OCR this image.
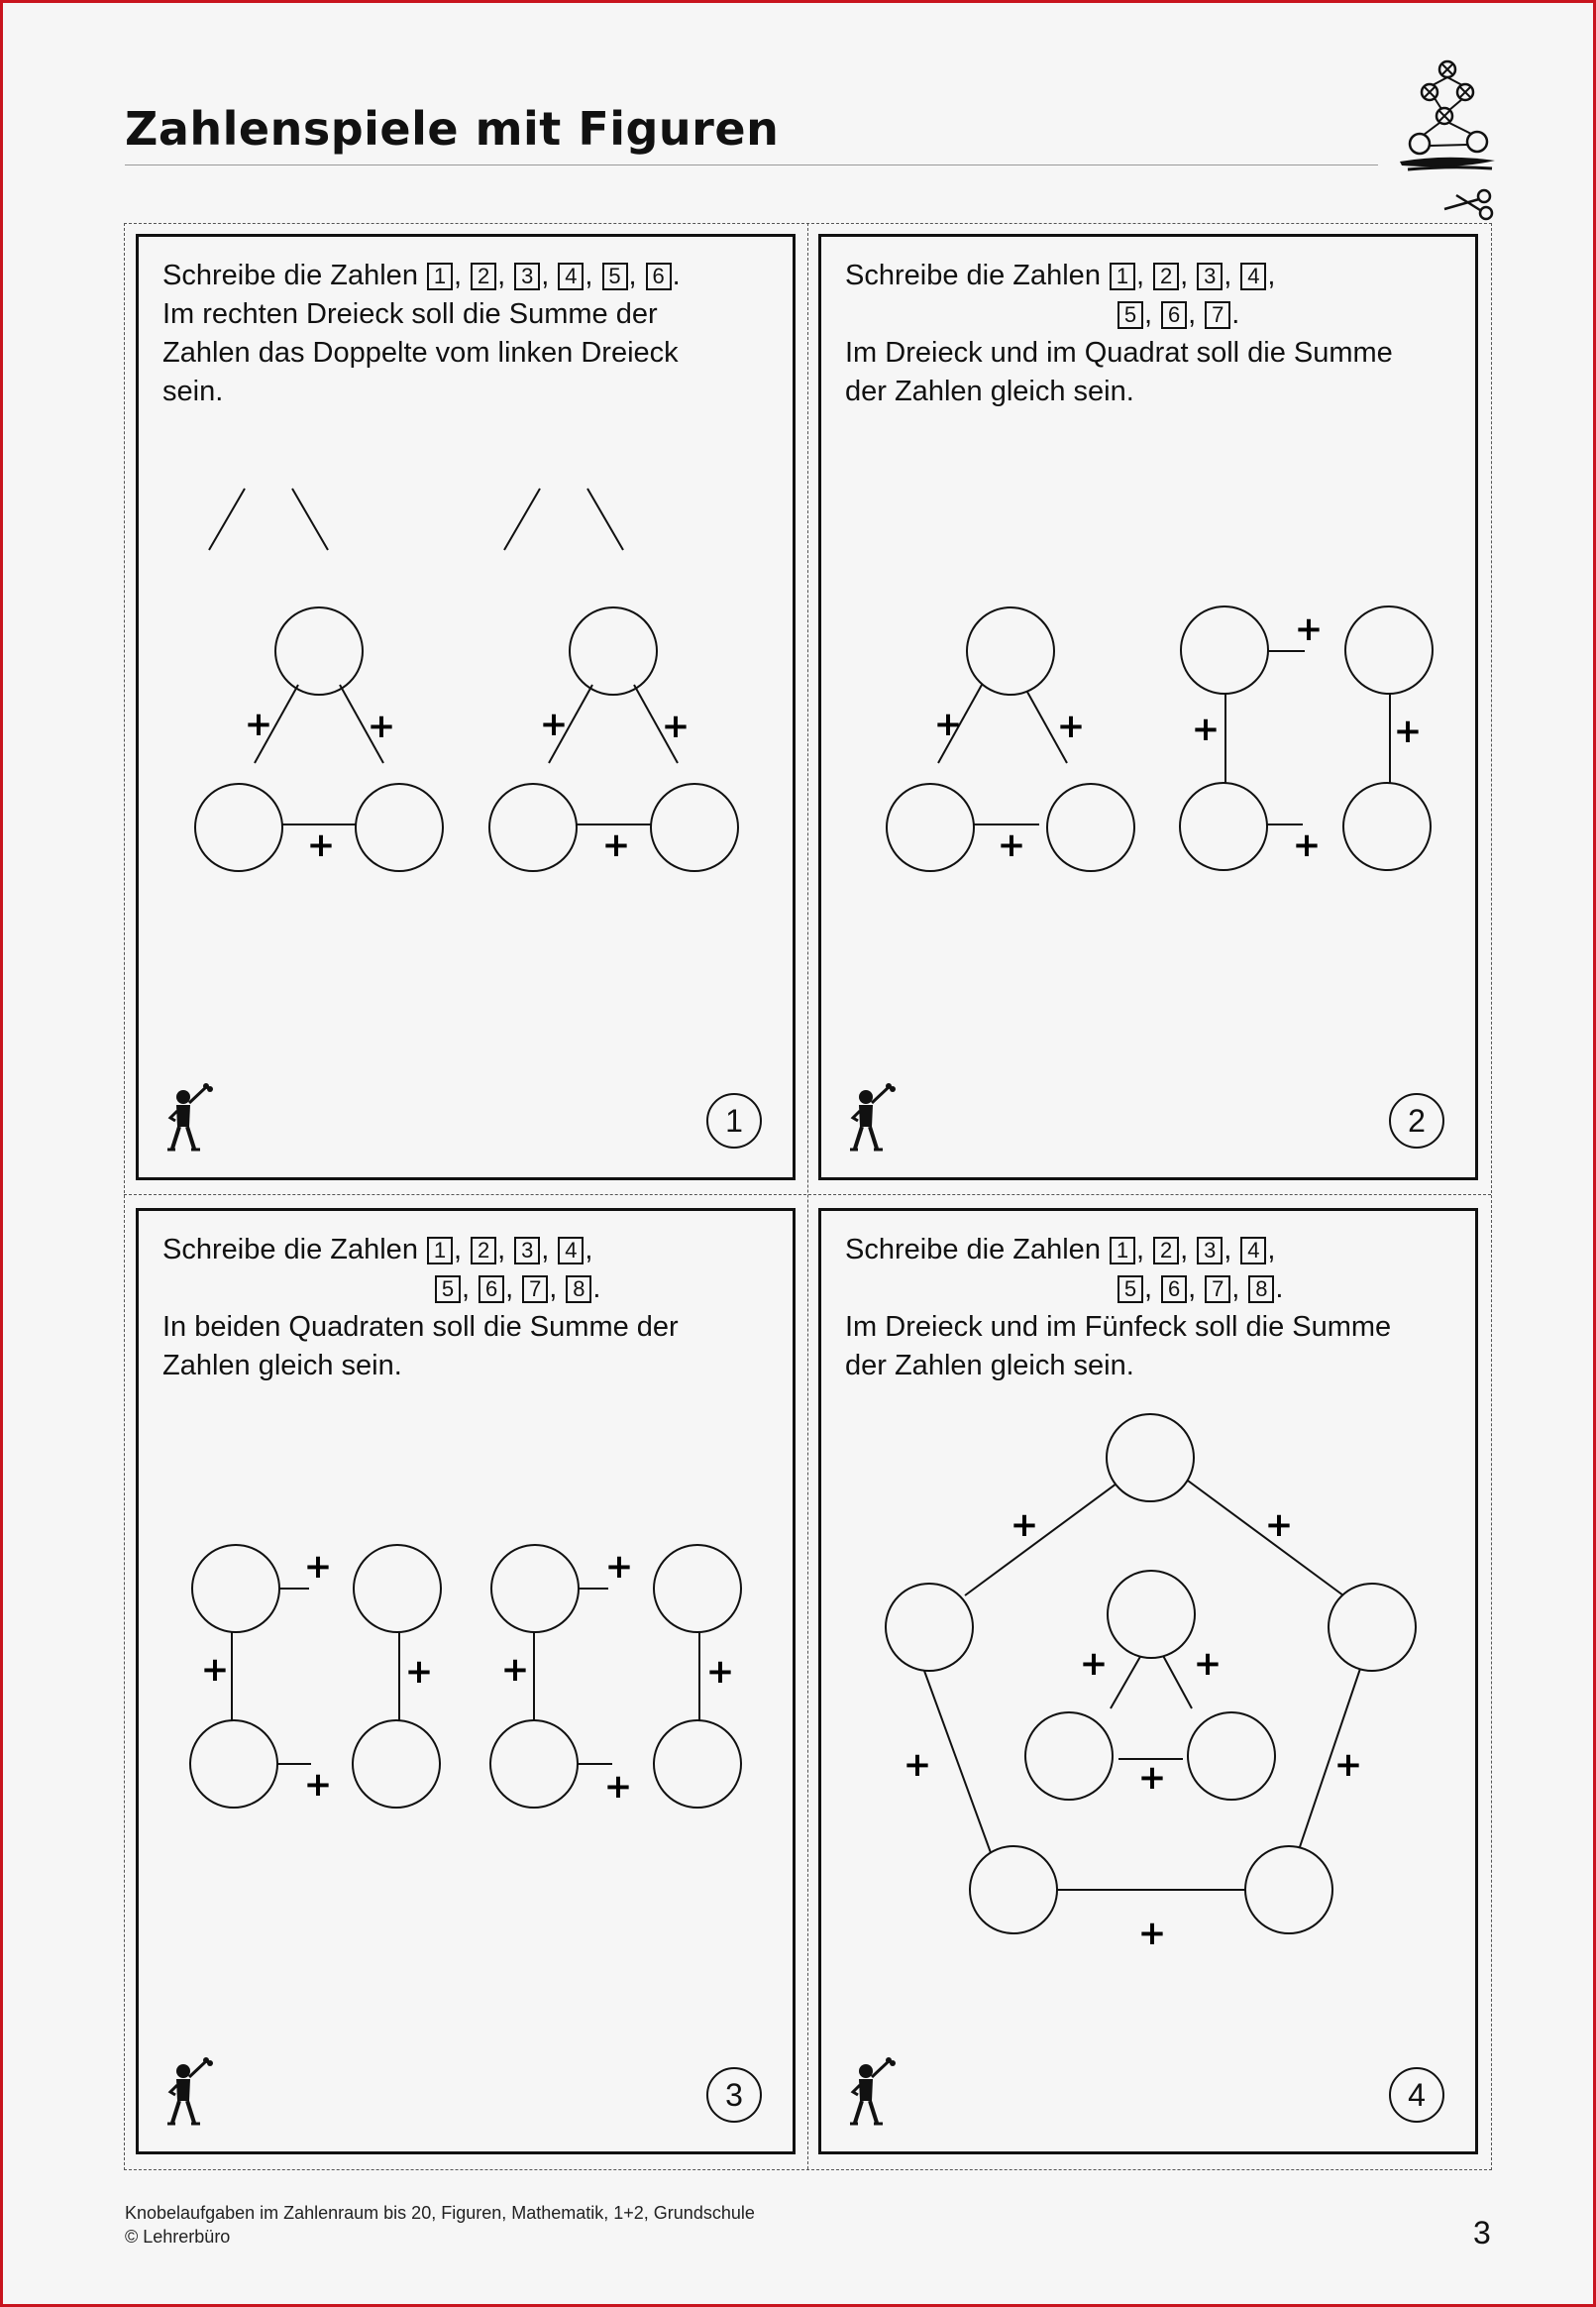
Zahlenspiele mit Figuren
Schreibe die Zahlen 1 , 2 , 3 , 4 , 5 , 6 .
Im rechten Dreieck soll die Summe der
Zahlen das Doppelte vom linken Dreieck
sein.
+	+
+
+	+
+
1
Schreibe die Zahlen 1 , 2 , 3 , 4 ,
5 , 6 , 7 .
Im Dreieck und im Quadrat soll die Summe
der Zahlen gleich sein.
+	+
+
+
+	+
+
2
Schreibe die Zahlen 1 , 2 , 3 , 4 ,
5 , 6 , 7 , 8 .
In beiden Quadraten soll die Summe der
Zahlen gleich sein.
+
+	+
+
+
+	+
+
3
Schreibe die Zahlen 1 , 2 , 3 , 4 ,
5 , 6 , 7 , 8 .
Im Dreieck und im Fünfeck soll die Summe
der Zahlen gleich sein.
+	+
+	+
+
+	+
+
4
Knobelaufgaben im Zahlenraum bis 20, Figuren, Mathematik, 1+2, Grundschule
© Lehrerbüro	3
